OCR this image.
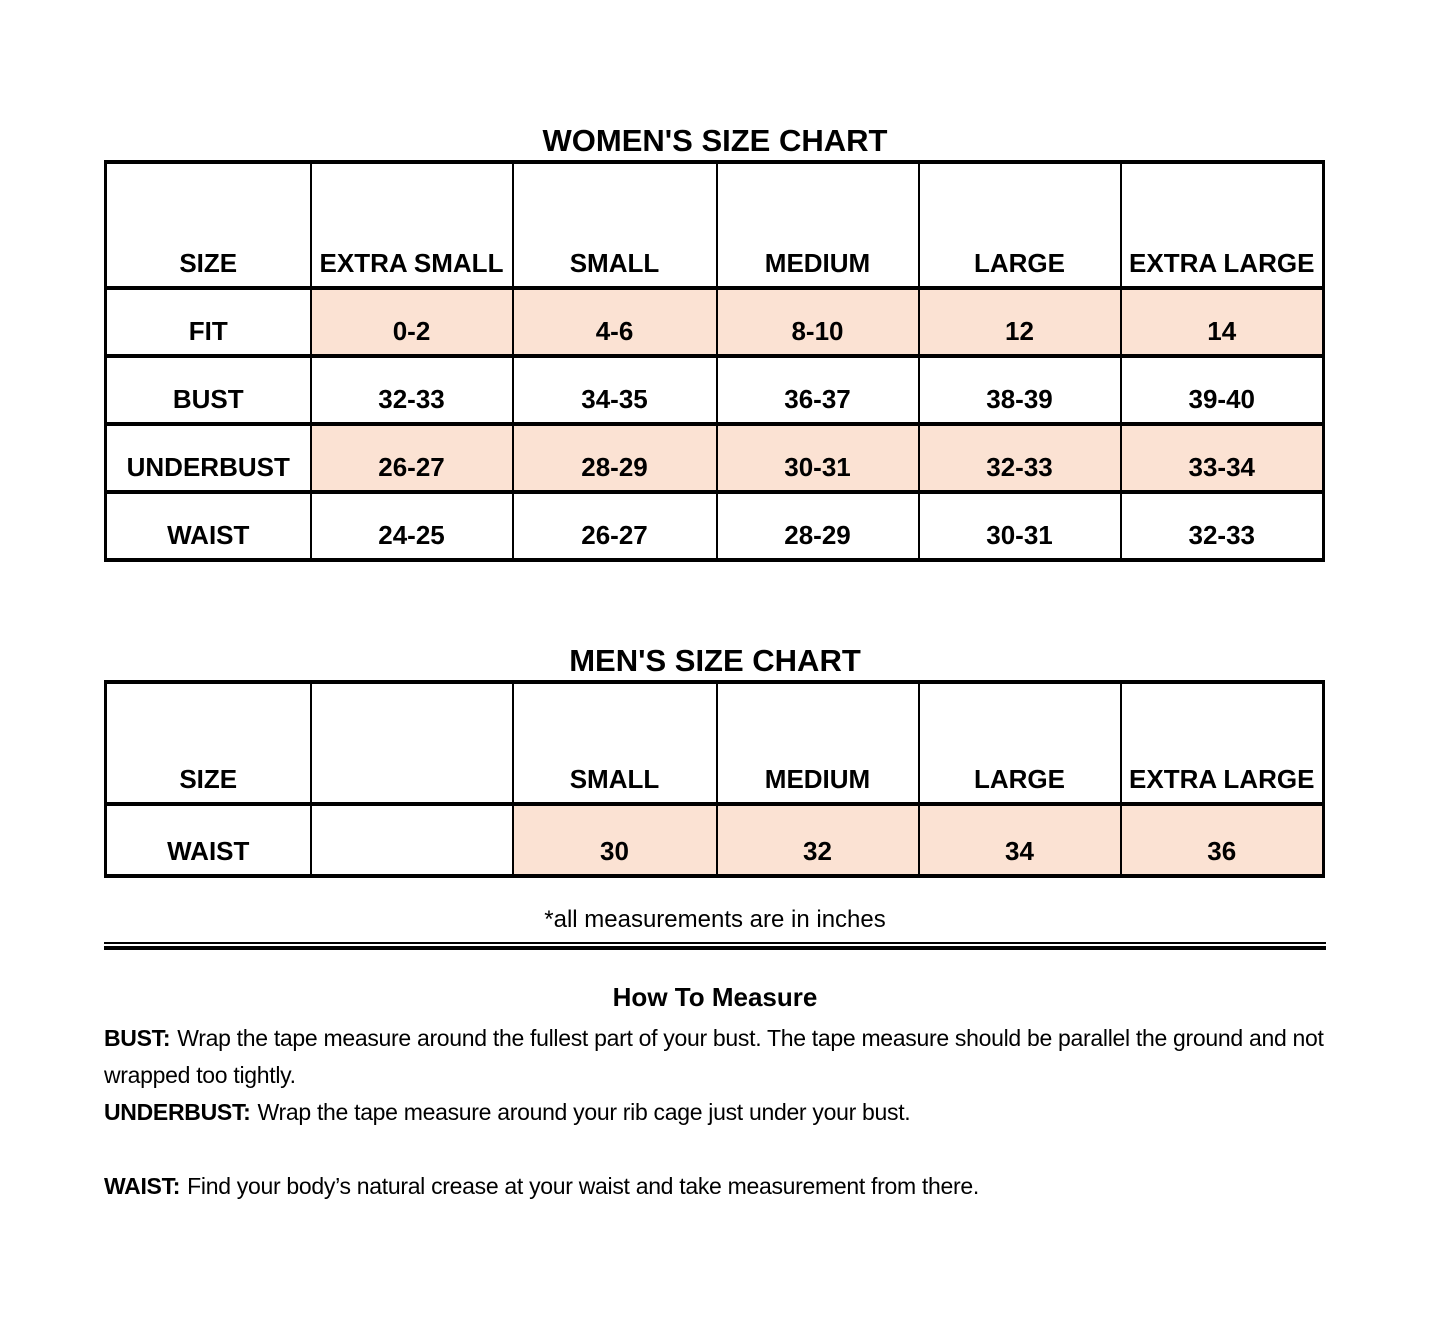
WOMEN'S SIZE CHART
SIZE	EXTRA SMALL	SMALL	MEDIUM	LARGE	EXTRA LARGE
FIT	0-2	4-6	8-10	12	14
BUST	32-33	34-35	36-37	38-39	39-40
UNDERBUST	26-27	28-29	30-31	32-33	33-34
WAIST	24-25	26-27	28-29	30-31	32-33
MEN'S SIZE CHART
SIZE		SMALL	MEDIUM	LARGE	EXTRA LARGE
WAIST		30	32	34	36
*all measurements are in inches
How To Measure

BUST: Wrap the tape measure around the fullest part of your bust. The tape measure should be parallel the ground and not wrapped too tightly.

UNDERBUST: Wrap the tape measure around your rib cage just under your bust.

WAIST: Find your body’s natural crease at your waist and take measurement from there.
